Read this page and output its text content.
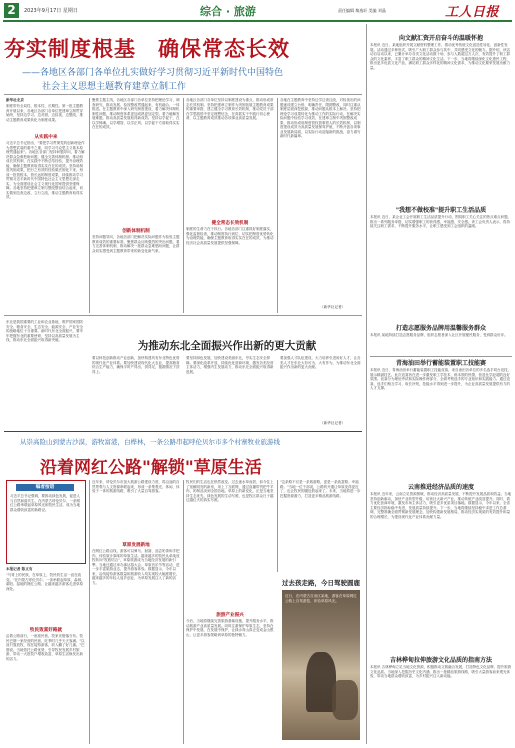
2	2023年9月17日 星期日	综合 · 旅游	责任编辑 黎逸轩 美编 刘晶	工人日报
夯实制度根基　确保常态长效
——各地区各部门各单位扎实做好学习贯彻习近平新时代中国特色
社会主义思想主题教育建章立制工作
新华社北京
制度带有全局性、根本性、长期性。第一批主题教育开展以来，各地区各部门各单位把建章立制贯穿始终，坚持边学习、边对照、边检视、边整改，推动主题教育成果转化为制度成果。
从实践中来
习近平总书记指出，"要把学习贯彻党的创新理论作为思想武装的重中之重，同学习马克思主义基本原理贯通起来"。各地区各部门坚持问题导向，着力解决群众急难愁盼问题，健全完善体制机制，推动形成长效机制，在实践中不断总结经验，提升治理效能，确保主题教育取得实实在在的成效。坚持用制度巩固成果，把行之有效的经验做法固化下来，形成一批管根本、管长远的制度成果，持续推动学习贯彻习近平新时代中国特色社会主义思想走深走实，为全面建设社会主义现代化国家提供坚强保障。各地坚持把建章立制与整改整治结合起来，切实做到边查边改、立行立改，推动主题教育取得实效。
聚焦主题主线，各地区各部门各单位坚持把理论学习、调查研究、推动发展、检视整改贯通起来，有机融合、一体推进。在主题教育中深入研究制度建设，着力解决体制机制性问题，推动制度体系更加成熟更加定型。着力破解发展难题，推动高质量发展取得新成效。坚持以学促干，在以学铸魂、以学增智、以学正风、以学促干方面取得实实在在的成效。
创新体制机制
坚持问题导向，各地各部门把解决实际问题作为检验主题教育成效的重要标准，聚焦群众反映强烈的突出问题，着力完善体制机制，推动解决一批群众急难愁盼问题，让群众切实感受到主题教育带来的新变化新气象。
各地区各部门各单位坚持以制度建设为重点，推动形成常态长效机制。坚持把建章立制作为巩固拓展主题教育成果的重要举措，建立健全学习教育长效机制，推动党员干部在学思践悟中坚定理想信念，在真抓实干中践行初心使命，以主题教育成效推动各项事业高质量发展。
健全常态长效机制
制度的生命力在于执行。各地各部门注重抓好制度落实，强化监督检查，推动制度执行到位，切实把制度优势转化为治理效能，确保主题教育取得实实在在的成效，为推动经济社会高质量发展提供坚强保障。
各地在主题教育中坚持边学边查边改，对检视出的问题逐项建立台账、明确责任、限期整改，同时注重从制度层面深挖根源，推动问题从根本上解决。坚持把理论学习成果转化为推动工作的实际行动，在解决实际问题中检验学习成效，在建章立制中巩固整改成果，推动形成用制度管权管事管人的长效机制，以制度建设成效为高质量发展保驾护航，不断开创各项事业发展新局面，以实际行动迎接新的挑战，奋力谱写新时代新篇章。
（新华社记者）
向文献汇资开启奋斗的温暖怀抱
本报讯 近日，某地组织开展文献资料整理工作，推动优秀传统文化创造性转化、创新性发展。活动通过多种形式，吸引广大职工群众参与其中，共同感受文化的魅力。据介绍，该活动自启动以来，已累计举办各类文化活动数十场，参与人数超过万人次，有效提升了职工群众的文化素养，丰富了职工群众的精神文化生活。下一步，当地将继续深化文化惠民工程，推出更多优质文化产品，满足职工群众多样化的精神文化需求，为推动文化繁荣发展贡献力量。
"我想不做校准"提升职工生活品质
本报讯 近日，某企业工会开展职工生活品质提升行动，围绕职工关心关注的热点难点问题，推出一系列服务举措，切实增强职工的获得感、幸福感、安全感。该工会负责人表示，将持续关注职工需求，不断提升服务水平，让职工感受到工会组织的温暖。
打造志愿服务品牌用温馨服务群众
本报讯 某地持续打造志愿服务品牌，组织志愿者深入社区开展便民服务，受到群众好评。
青海油田举行蓄能装置职工技能赛
本报讯 近日，青海油田举行蓄能装置职工技能竞赛，来自油田各单位的多名选手同台竞技，展示精湛技艺。此次竞赛旨在进一步激发职工学技术、练本领的热情，营造比学赶超的良好氛围。竞赛分为理论考试和实际操作两部分，全面考察选手的专业知识和实践能力。通过竞赛，选手们相互学习、取长补短，技能水平得到进一步提升，为企业高质量发展提供有力的人才支撑。
云南推进经济品质的速度
本报讯 近年来，云南立足资源禀赋，推动经济高质量发展，不断提升发展品质和效益。当地坚持创新驱动，加快产业转型升级，培育壮大新兴产业，推动传统产业改造提升。同时，着力优化营商环境，激发市场主体活力，吸引更多优质项目落地。数据显示，今年以来，全省主要经济指标稳中有进，发展质量持续提升。下一步，当地将继续坚持稳中求进工作总基调，完整准确全面贯彻新发展理念，加快构建新发展格局，推动经济实现质的有效提升和量的合理增长，为建设现代化产业体系贡献力量。
吉林桦甸拉伸旅游文化品质的指南方法
本报讯 吉林桦甸立足当地文化资源，积极推动文旅融合发展，打造特色文化品牌，提升旅游文化品质。当地深入挖掘历史文化内涵，推出一批精品旅游线路，吸引大量游客前来观光体验，带动当地群众增收致富，为乡村振兴注入新动能。
东北是我国重要的工业和农业基地，维护国家国防安全、粮食安全、生态安全、能源安全、产业安全的战略地位十分重要。新时代东北全面振兴，要牢牢把握东北的重要使命，坚持以高质量发展为主线，推动东北全面振兴取得新突破。	为推动东北全面振兴作出新的更大贡献
要以科技创新推动产业创新，加快构建具有东北特色优势的现代化产业体系。要加快建设现代化大农业，提高粮食综合生产能力，确保平时产得出、供得足，极端情况下顶得上。
要坚持绿色发展，加快建设美丽东北，夯实生态安全屏障。要深化改革开放，持续优化营商环境，激发各类经营主体活力，增强内生发展动力，推动东北全面振兴取得新进展。
要加强人才队伍建设，大力培养引进用好人才，让各类人才在东北大有可为、大有作为，为推动东北全面振兴作出新的更大贡献。
（新华社记者）
从崇高险山到蒙古沙漠，游牧富港，白桦林，一条公路串起呼伦贝尔市多个村寨牧业旅游线
沿着网红公路"解锁"草原生活
编者按语
习近平总书记强调，要推动绿色发展，促进人与自然和谐共生。在内蒙古呼伦贝尔，一条网红公路串联起草原风光和牧民生活，成为当地群众增收致富的新路径。
本报记者 陈文有
"马背上的民族，在草原上，牧民的生活一直在改变。"在内蒙古呼伦贝尔，一条串联起草原、森林、湖泊、湿地的网红公路，让越来越多游客走进草原深处。
牧民致富好路就
沿着公路前行，一座座民宿、牧家乐错落分布。牧民巴图一家经营的民宿，旺季时几乎天天客满。"以前只靠放牧，现在接待游客，收入翻了好几番。"巴图说。当地依托公路优势，引导牧民发展乡村旅游，带动一大批牧户增收致富，草原生活焕发出新的活力。
近年来，呼伦贝尔市加大旅游公路建设力度，将沿途的自然景观与人文资源串联起来，形成一条集观光、休闲、体验于一体的旅游线路，吸引了大量自驾游客。
草原发展新地
在网红公路沿线，游客可以骑马、射箭、品尝奶茶和手把肉，体验原汁原味的草原生活。越来越多的牧民从单纯放牧转向"牧旅结合"，草原旅游成为当地经济发展的新引擎。当地还通过举办那达慕大会、草原音乐节等活动，进一步丰富旅游业态，提升游客体验。数据显示，今年以来，沿线接待游客数量和旅游收入均实现较大幅度增长，越来越多的年轻人返乡创业，为草原发展注入了新的活力。
牧民们的生活也在悄然改变。过去逐水草而居，如今住上了宽敞明亮的新房，用上了互联网，通过直播带货把牛羊肉、奶制品卖到全国各地。草原上的新变化，正是当地坚持生态优先、绿色发展的生动写照，也是牧区群众日子越过越红火的真实写照。
旅游产业振兴
今后，当地将继续完善旅游基础设施，提升服务水平，推动旅游产业高质量发展。同时注重保护草原生态，坚持在保护中发展、在发展中保护，让绿水青山真正变成金山银山，让更多游客领略到草原的独特魅力。
"这条路不仅是一条旅游路，更是一条致富路、幸福路。"当地一位干部说，公路的开通让草原变得更近了，也让牧民的腰包鼓起来了。未来，当地将进一步挖掘资源潜力，打造更多精品旅游线路。
过去孩走路，今日驾驶圆鹿
近日，在内蒙古自治区某地，游客在草原网红公路上自驾游览，体验草原风光。
